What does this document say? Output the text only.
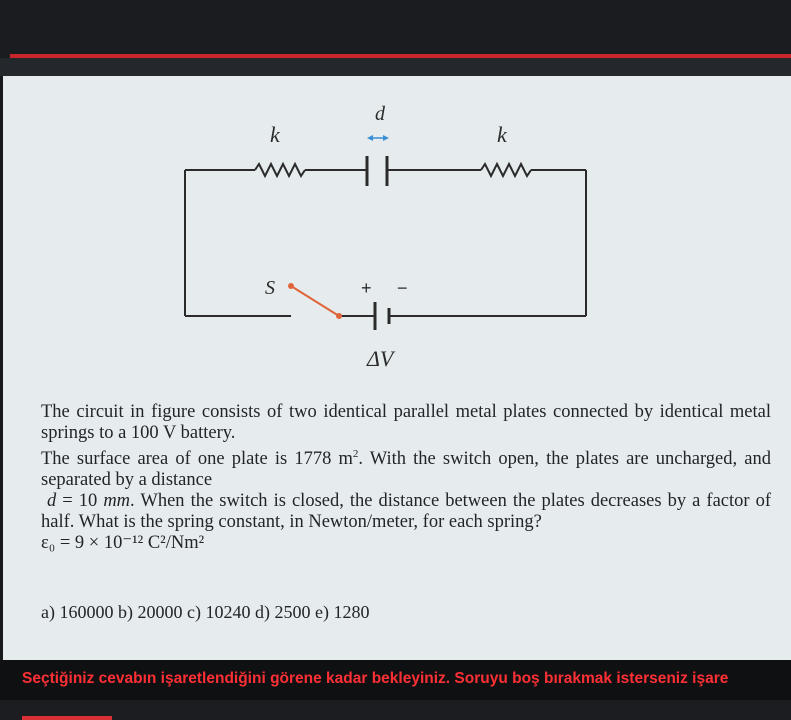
k	k
d
S	+ −
ΔV

The circuit in figure consists of two identical parallel metal plates connected by identical metal springs to a 100 V battery.

The surface area of one plate is 1778 $m^2$. With the switch open, the plates are uncharged, and separated by a distance

d = 10 mm. When the switch is closed, the distance between the plates decreases by a factor of half. What is the spring constant, in Newton/meter, for each spring?

ε₀ = 9 × 10⁻¹² C²/Nm²

a) 160000 b) 20000 c) 10240 d) 2500 e) 1280
Seçtiğiniz cevabın işaretlendiğini görene kadar bekleyiniz. Soruyu boş bırakmak isterseniz işare
